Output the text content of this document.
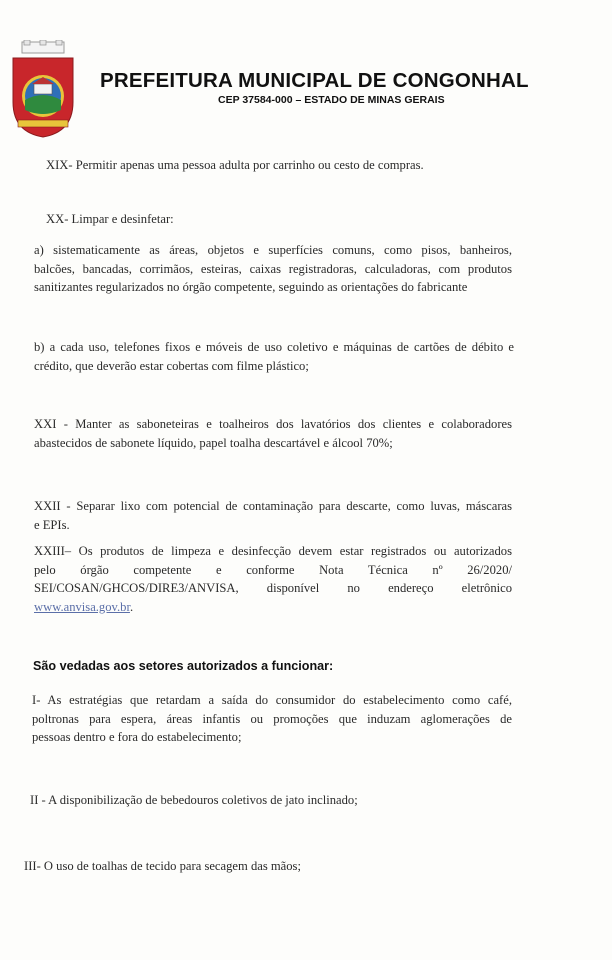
PREFEITURA MUNICIPAL DE CONGONHAL
CEP 37584-000 – ESTADO DE MINAS GERAIS
XIX- Permitir apenas uma pessoa adulta por carrinho ou cesto de compras.
XX- Limpar e desinfetar:
a) sistematicamente as áreas, objetos e superfícies comuns, como pisos, banheiros,
balcões, bancadas, corrimãos, esteiras, caixas registradoras, calculadoras, com produtos
sanitizantes regularizados no órgão competente, seguindo as orientações do fabricante
b) a cada uso, telefones fixos e móveis de uso coletivo e máquinas de cartões de débito e
crédito, que deverão estar cobertas com filme plástico;
XXI - Manter as saboneteiras e toalheiros dos lavatórios dos clientes e colaboradores
abastecidos de sabonete líquido, papel toalha descartável e álcool 70%;
XXII - Separar lixo com potencial de contaminação para descarte, como luvas, máscaras
e EPIs.
XXIII– Os produtos de limpeza e desinfecção devem estar registrados ou autorizados
pelo órgão competente e conforme Nota Técnica nº 26/2020/
SEI/COSAN/GHCOS/DIRE3/ANVISA, disponível no endereço eletrônico
www.anvisa.gov.br.
São vedadas aos setores autorizados a funcionar:
I- As estratégias que retardam a saída do consumidor do estabelecimento como café,
poltronas para espera, áreas infantis ou promoções que induzam aglomerações de
pessoas dentro e fora do estabelecimento;
II - A disponibilização de bebedouros coletivos de jato inclinado;
III- O uso de toalhas de tecido para secagem das mãos;
